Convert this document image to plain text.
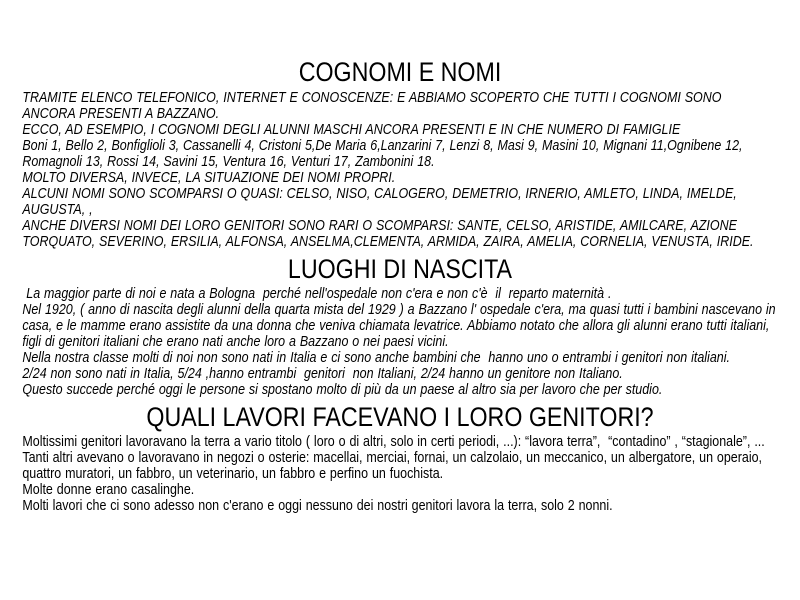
COGNOMI E NOMI

TRAMITE ELENCO TELEFONICO, INTERNET E CONOSCENZE: E ABBIAMO SCOPERTO CHE TUTTI I COGNOMI SONO ANCORA PRESENTI A BAZZANO.

ECCO, AD ESEMPIO, I COGNOMI DEGLI ALUNNI MASCHI ANCORA PRESENTI E IN CHE NUMERO DI FAMIGLIE

Boni 1, Bello 2, Bonfiglioli 3, Cassanelli 4, Cristoni 5,De Maria 6,Lanzarini 7, Lenzi 8, Masi 9, Masini 10, Mignani 11,Ognibene 12, Romagnoli 13, Rossi 14, Savini 15, Ventura 16, Venturi 17, Zambonini 18.

MOLTO DIVERSA, INVECE, LA SITUAZIONE DEI NOMI PROPRI.

ALCUNI NOMI SONO SCOMPARSI O QUASI: CELSO, NISO, CALOGERO, DEMETRIO, IRNERIO, AMLETO, LINDA, IMELDE, AUGUSTA, ,

ANCHE DIVERSI NOMI DEI LORO GENITORI SONO RARI O SCOMPARSI: SANTE, CELSO, ARISTIDE, AMILCARE, AZIONE TORQUATO, SEVERINO, ERSILIA, ALFONSA, ANSELMA,CLEMENTA, ARMIDA, ZAIRA, AMELIA, CORNELIA, VENUSTA, IRIDE.

LUOGHI DI NASCITA

La maggior parte di noi e nata a Bologna  perché nell'ospedale non c'era e non c'è  il  reparto maternità .

Nel 1920, ( anno di nascita degli alunni della quarta mista del 1929 ) a Bazzano l' ospedale c'era, ma quasi tutti i bambini nascevano in casa, e le mamme erano assistite da una donna che veniva chiamata levatrice. Abbiamo notato che allora gli alunni erano tutti italiani, figli di genitori italiani che erano nati anche loro a Bazzano o nei paesi vicini.

Nella nostra classe molti di noi non sono nati in Italia e ci sono anche bambini che  hanno uno o entrambi i genitori non italiani.

2/24 non sono nati in Italia, 5/24 ,hanno entrambi  genitori  non Italiani, 2/24 hanno un genitore non Italiano.

Questo succede perché oggi le persone si spostano molto di più da un paese al altro sia per lavoro che per studio.

QUALI LAVORI FACEVANO I LORO GENITORI?

Moltissimi genitori lavoravano la terra a vario titolo ( loro o di altri, solo in certi periodi, ...): “lavora terra”,  “contadino” , “stagionale”, ...

Tanti altri avevano o lavoravano in negozi o osterie: macellai, merciai, fornai, un calzolaio, un meccanico, un albergatore, un operaio, quattro muratori, un fabbro, un veterinario, un fabbro e perfino un fuochista.

Molte donne erano casalinghe.

Molti lavori che ci sono adesso non c'erano e oggi nessuno dei nostri genitori lavora la terra, solo 2 nonni.
